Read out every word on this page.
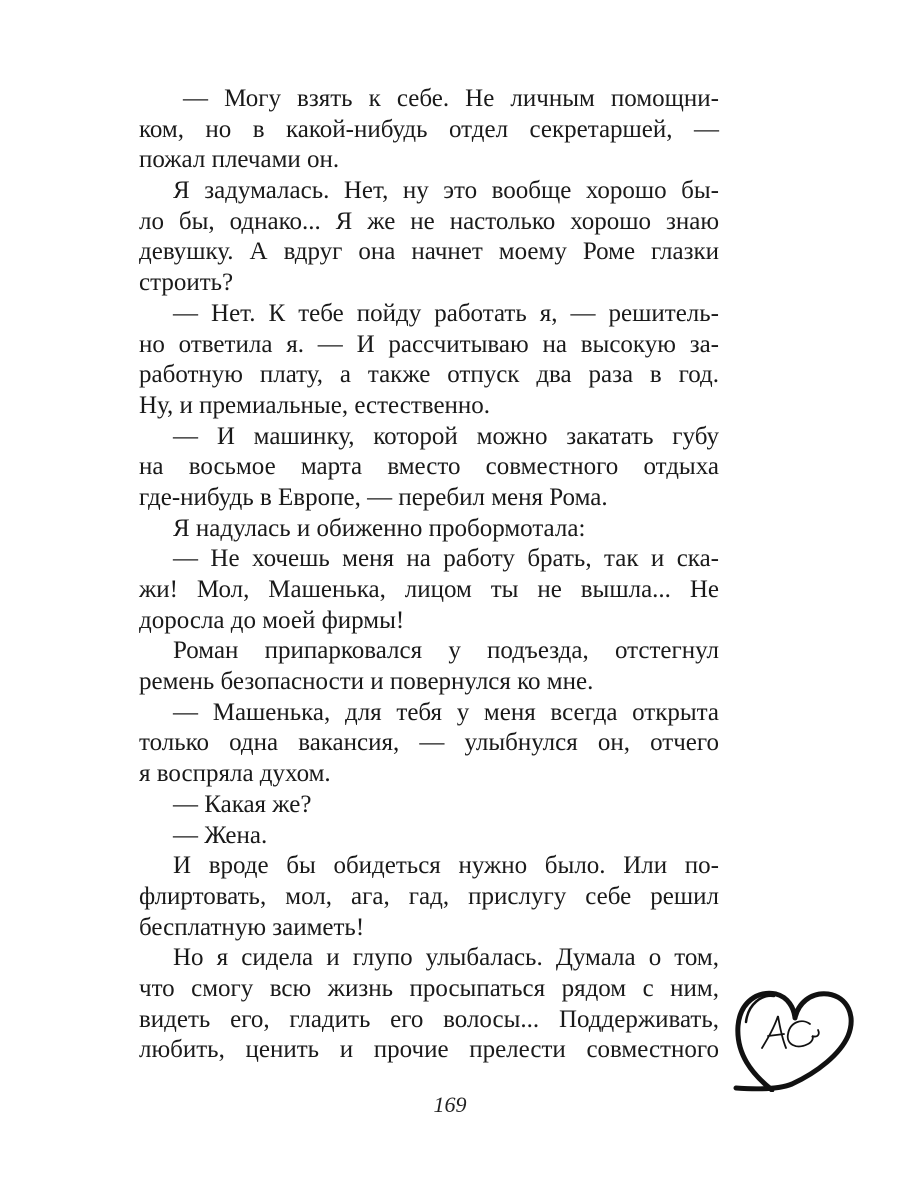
— Могу взять к себе. Не личным помощни-
ком, но в какой-нибудь отдел секретаршей, —
пожал плечами он.
Я задумалась. Нет, ну это вообще хорошо бы-
ло бы, однако... Я же не настолько хорошо знаю
девушку. А вдруг она начнет моему Роме глазки
строить?
— Нет. К тебе пойду работать я, — решитель-
но ответила я. — И рассчитываю на высокую за-
работную плату, а также отпуск два раза в год.
Ну, и премиальные, естественно.
— И машинку, которой можно закатать губу
на восьмое марта вместо совместного отдыха
где-нибудь в Европе, — перебил меня Рома.
Я надулась и обиженно пробормотала:
— Не хочешь меня на работу брать, так и ска-
жи! Мол, Машенька, лицом ты не вышла... Не
доросла до моей фирмы!
Роман припарковался у подъезда, отстегнул
ремень безопасности и повернулся ко мне.
— Машенька, для тебя у меня всегда открыта
только одна вакансия, — улыбнулся он, отчего
я воспряла духом.
— Какая же?
— Жена.
И вроде бы обидеться нужно было. Или по-
флиртовать, мол, ага, гад, прислугу себе решил
бесплатную заиметь!
Но я сидела и глупо улыбалась. Думала о том,
что смогу всю жизнь просыпаться рядом с ним,
видеть его, гладить его волосы... Поддерживать,
любить, ценить и прочие прелести совместного
169
